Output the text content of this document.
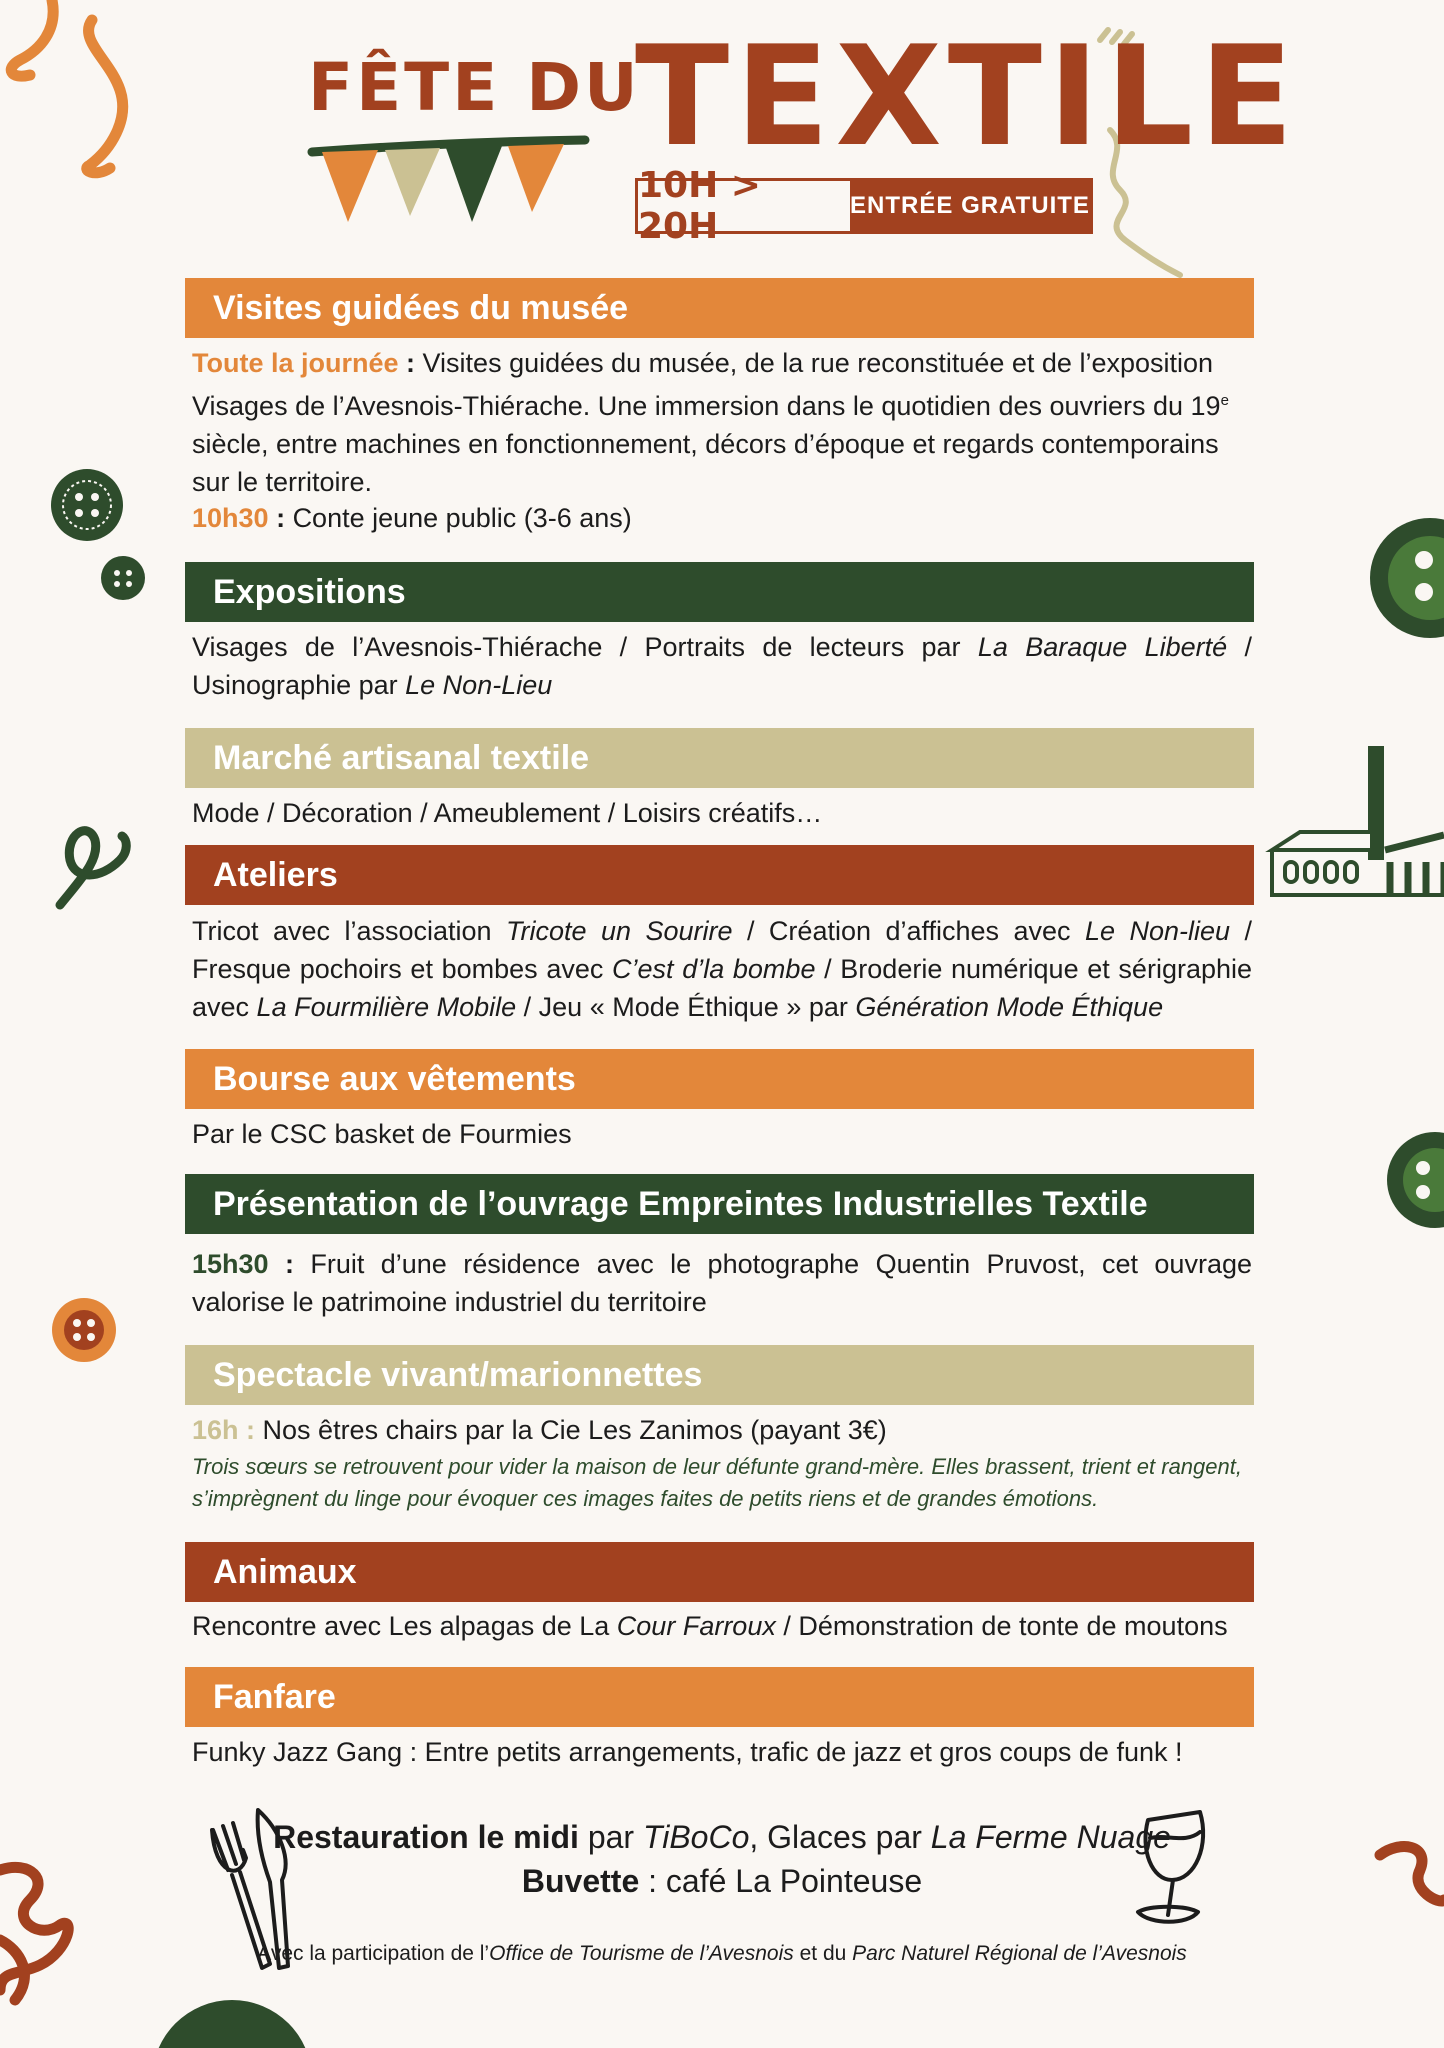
FÊTE DU
TEXTILE
10H > 20H
ENTRÉE GRATUITE
Visites guidées du musée
Toute la journée : Visites guidées du musée, de la rue reconstituée et de l’exposition Visages de l’Avesnois-Thiérache. Une immersion dans le quotidien des ouvriers du 19e siècle, entre machines en fonctionnement, décors d’époque et regards contemporains sur le territoire.
10h30 : Conte jeune public (3-6 ans)
Expositions
Visages de l’Avesnois-Thiérache / Portraits de lecteurs par La Baraque Liberté / Usinographie par Le Non-Lieu
Marché artisanal textile
Mode / Décoration / Ameublement / Loisirs créatifs…
Ateliers
Tricot avec l’association Tricote un Sourire / Création d’affiches avec Le Non-lieu / Fresque pochoirs et bombes avec C’est d’la bombe / Broderie numérique et sérigraphie avec La Fourmilière Mobile / Jeu « Mode Éthique » par Génération Mode Éthique
Bourse aux vêtements
Par le CSC basket de Fourmies
Présentation de l’ouvrage Empreintes Industrielles Textile
15h30 : Fruit d’une résidence avec le photographe Quentin Pruvost, cet ouvrage valorise le patrimoine industriel du territoire
Spectacle vivant/marionnettes
16h : Nos êtres chairs par la Cie Les Zanimos (payant 3€)
Trois sœurs se retrouvent pour vider la maison de leur défunte grand-mère. Elles brassent, trient et rangent, s’imprègnent du linge pour évoquer ces images faites de petits riens et de grandes émotions.
Animaux
Rencontre avec Les alpagas de La Cour Farroux / Démonstration de tonte de moutons
Fanfare
Funky Jazz Gang : Entre petits arrangements, trafic de jazz et gros coups de funk !
Restauration le midi par TiBoCo, Glaces par La Ferme Nuage
Buvette : café La Pointeuse
Avec la participation de l’Office de Tourisme de l’Avesnois et du Parc Naturel Régional de l’Avesnois
